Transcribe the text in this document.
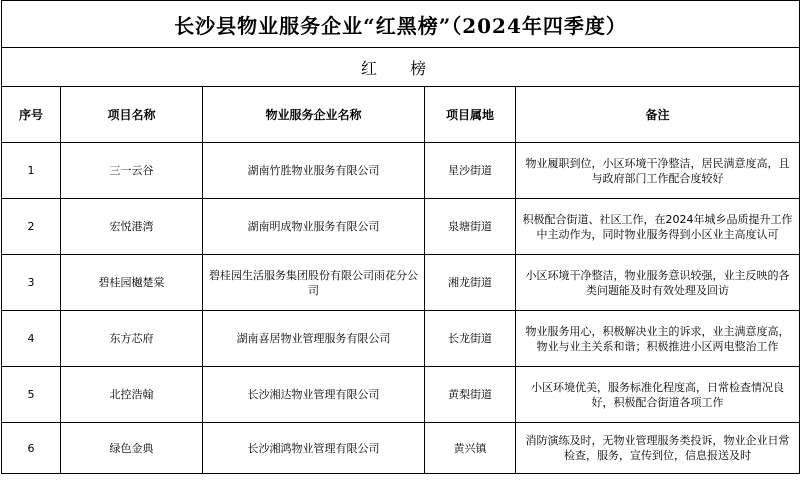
长沙县物业服务企业“红黑榜”（2024年四季度）				
红 榜				
序号	项目名称	物业服务企业名称	项目属地	备注
1	三一云谷	湖南竹胜物业服务有限公司	星沙街道	物业履职到位，小区环境干净整洁，居民满意度高，且与政府部门工作配合度较好
2	宏悦港湾	湖南明成物业服务有限公司	泉塘街道	积极配合街道、社区工作，在2024年城乡品质提升工作中主动作为，同时物业服务得到小区业主高度认可
3	碧桂园樾楚棠	碧桂园生活服务集团股份有限公司雨花分公司	湘龙街道	小区环境干净整洁，物业服务意识较强，业主反映的各类问题能及时有效处理及回访
4	东方芯府	湖南喜居物业管理服务有限公司	长龙街道	物业服务用心，积极解决业主的诉求，业主满意度高，物业与业主关系和谐；积极推进小区两电整治工作
5	北控浩翰	长沙湘达物业管理有限公司	黄梨街道	小区环境优美，服务标准化程度高，日常检查情况良好，积极配合街道各项工作
6	绿色金典	长沙湘鸿物业管理有限公司	黄兴镇	消防演练及时，无物业管理服务类投诉，物业企业日常检查，服务，宣传到位，信息报送及时
